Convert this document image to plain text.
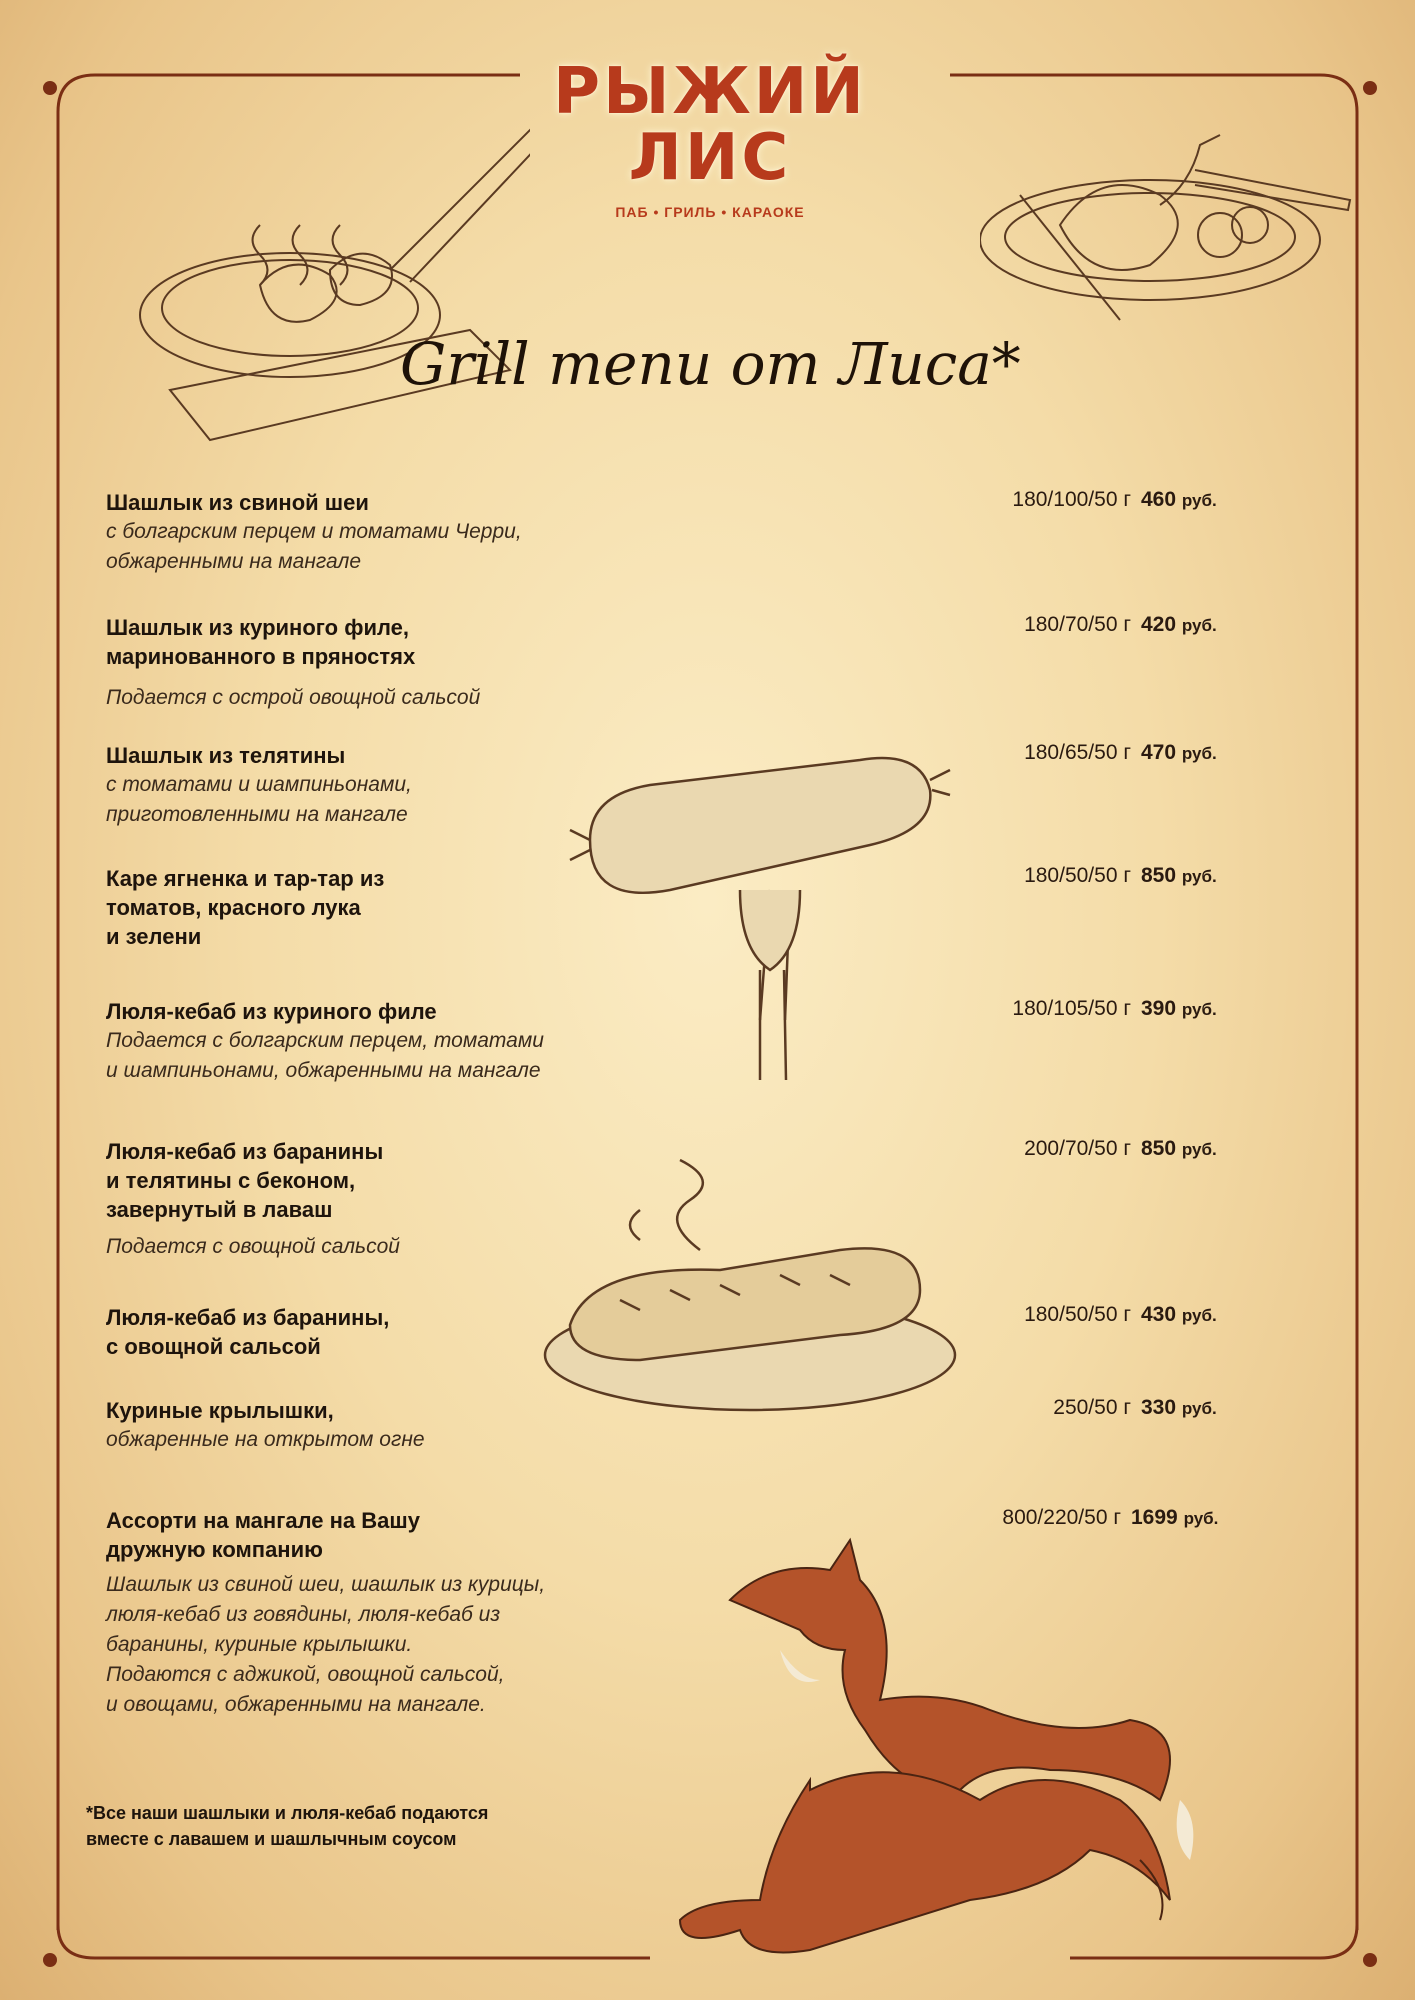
РЫЖИЙ
ЛИС
ПАБ • ГРИЛЬ • КАРАОКЕ
Grill menu от Лиса*
Шашлык из свиной шеи
с болгарским перцем и томатами Черри,
обжаренными на мангале
180/100/50 г 460 руб.
Шашлык из куриного филе,
маринованного в пряностях
Подается с острой овощной сальсой
180/70/50 г 420 руб.
Шашлык из телятины
с томатами и шампиньонами,
приготовленными на мангале
180/65/50 г 470 руб.
Каре ягненка и тар-тар из
томатов, красного лука
и зелени
180/50/50 г 850 руб.
Люля-кебаб из куриного филе
Подается с болгарским перцем, томатами
и шампиньонами, обжаренными на мангале
180/105/50 г 390 руб.
Люля-кебаб из баранины
и телятины с беконом,
завернутый в лаваш
Подается с овощной сальсой
200/70/50 г 850 руб.
Люля-кебаб из баранины,
с овощной сальсой
180/50/50 г 430 руб.
Куриные крылышки,
обжаренные на открытом огне
250/50 г 330 руб.
Ассорти на мангале на Вашу
дружную компанию
Шашлык из свиной шеи, шашлык из курицы,
люля-кебаб из говядины, люля-кебаб из
баранины, куриные крылышки.
Подаются с аджикой, овощной сальсой,
и овощами, обжаренными на мангале.
800/220/50 г 1699 руб.
*Все наши шашлыки и люля-кебаб подаются
вместе с лавашем и шашлычным соусом
